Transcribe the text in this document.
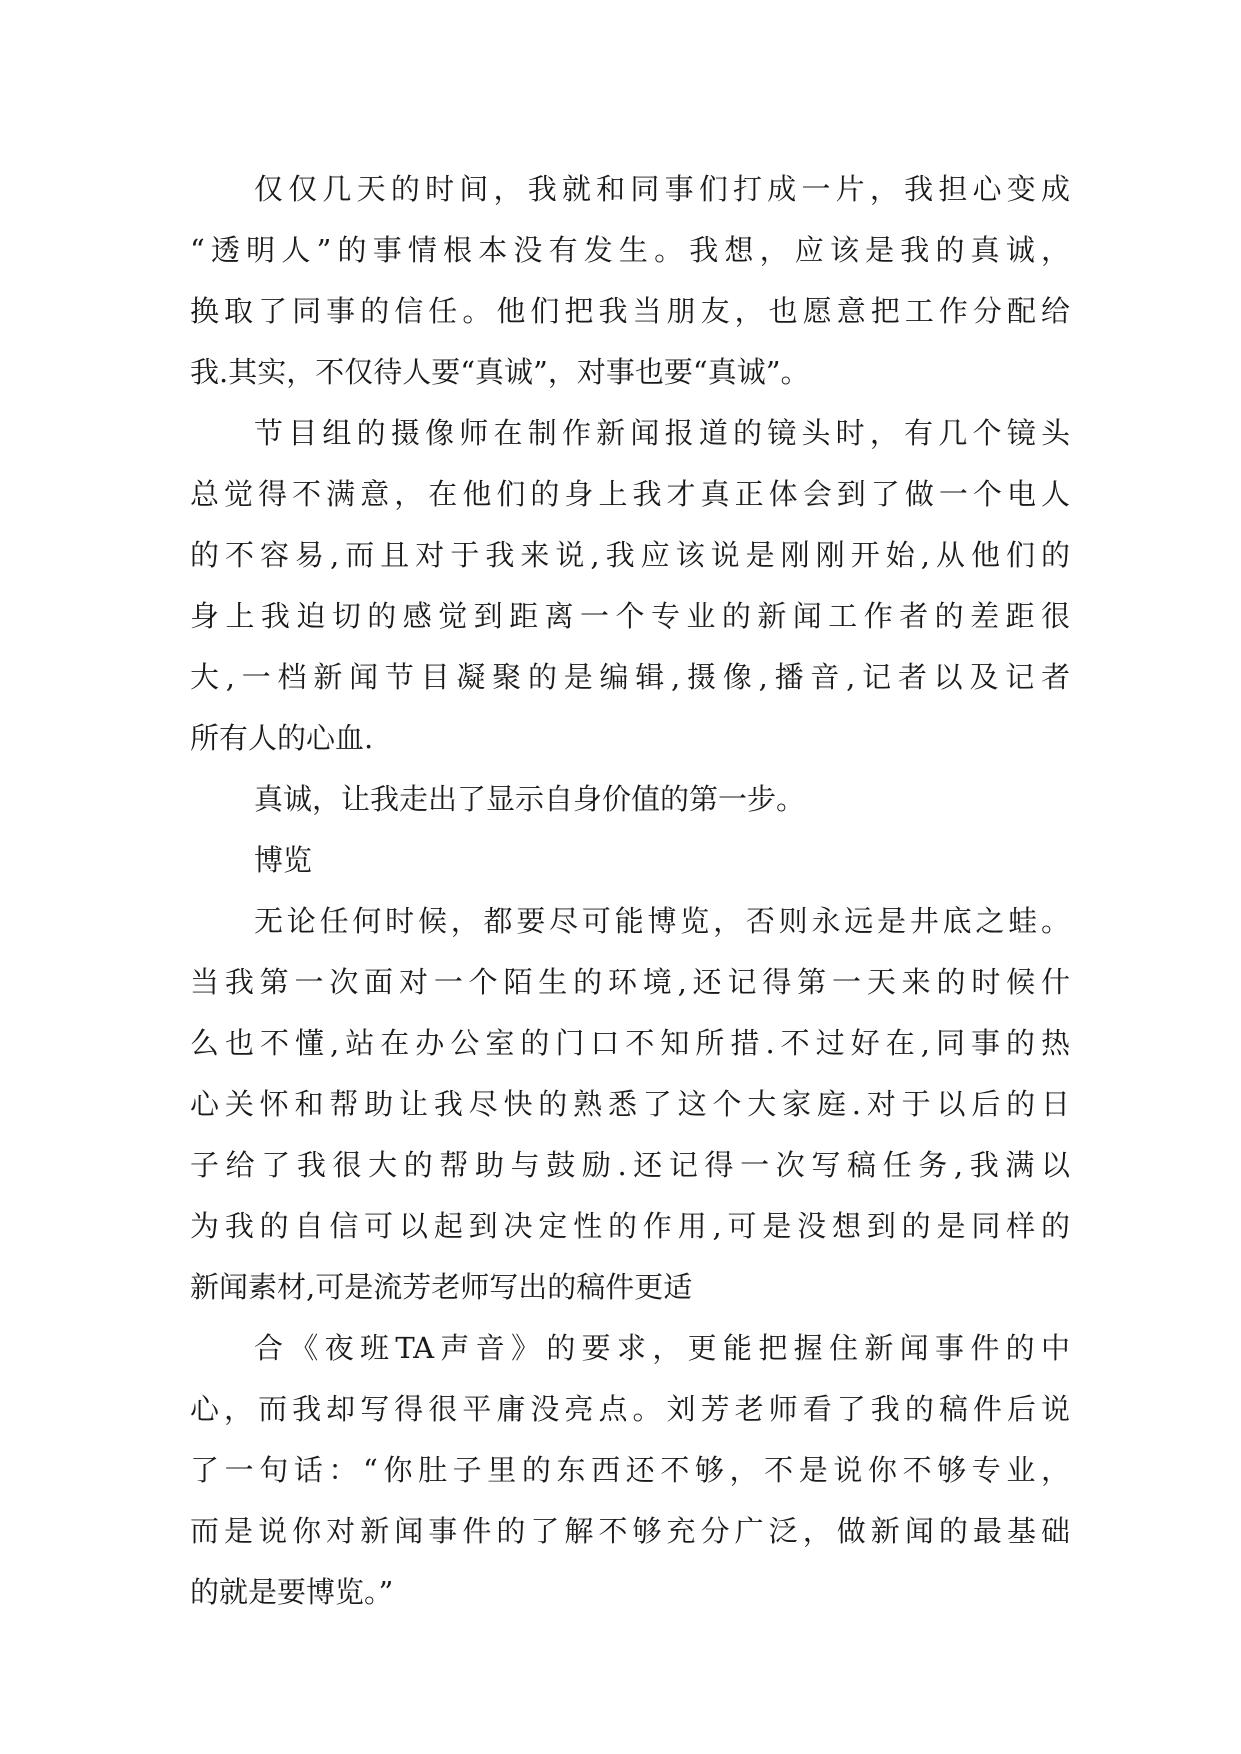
仅仅几天的时间，我就和同事们打成一片，我担心变成
“透明人”的事情根本没有发生。我想，应该是我的真诚，
换取了同事的信任。他们把我当朋友，也愿意把工作分配给
我.其实，不仅待人要“真诚”，对事也要“真诚”。
节目组的摄像师在制作新闻报道的镜头时，有几个镜头
总觉得不满意，在他们的身上我才真正体会到了做一个电人
的不容易,而且对于我来说,我应该说是刚刚开始,从他们的
身上我迫切的感觉到距离一个专业的新闻工作者的差距很
大,一档新闻节目凝聚的是编辑,摄像,播音,记者以及记者
所有人的心血.
真诚，让我走出了显示自身价值的第一步。
博览
无论任何时候，都要尽可能博览，否则永远是井底之蛙。
当我第一次面对一个陌生的环境,还记得第一天来的时候什
么也不懂,站在办公室的门口不知所措.不过好在,同事的热
心关怀和帮助让我尽快的熟悉了这个大家庭.对于以后的日
子给了我很大的帮助与鼓励.还记得一次写稿任务,我满以
为我的自信可以起到决定性的作用,可是没想到的是同样的
新闻素材,可是流芳老师写出的稿件更适
合《夜班TA声音》的要求，更能把握住新闻事件的中
心，而我却写得很平庸没亮点。刘芳老师看了我的稿件后说
了一句话：“你肚子里的东西还不够，不是说你不够专业，
而是说你对新闻事件的了解不够充分广泛，做新闻的最基础
的就是要博览。”
